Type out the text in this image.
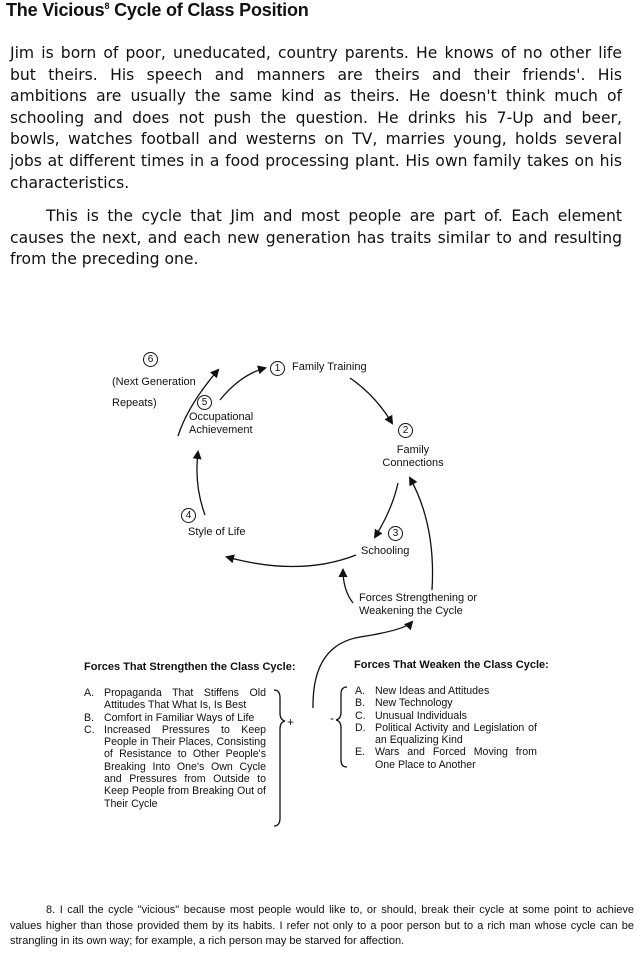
The Vicious$^8$ Cycle of Class Position

Jim is born of poor, uneducated, country parents. He knows of no other life but theirs. His speech and manners are theirs and their friends'. His ambitions are usually the same kind as theirs. He doesn't think much of schooling and does not push the question. He drinks his 7-Up and beer, bowls, watches football and westerns on TV, marries young, holds several jobs at different times in a food processing plant. His own family takes on his characteristics.

This is the cycle that Jim and most people are part of. Each element causes the next, and each new generation has traits similar to and resulting from the preceding one.

1	Family Training
2
Family
Connections
3
Schooling
4
Style of Life
5
Occupational
Achievement
6
(Next Generation
Repeats)
Forces Strengthening or
Weakening the Cycle
+	-
Forces That Strengthen the Class Cycle:
A. Propaganda That Stiffens Old Attitudes That What Is, Is Best
B. Comfort in Familiar Ways of Life
C. Increased Pressures to Keep People in Their Places, Consisting of Resistance to Other People's Breaking Into One's Own Cycle and Pressures from Outside to Keep People from Breaking Out of Their Cycle
Forces That Weaken the Class Cycle:
A. New Ideas and Attitudes
B. New Technology
C. Unusual Individuals
D. Political Activity and Legislation of an Equalizing Kind
E. Wars and Forced Moving from One Place to Another

8. I call the cycle "vicious" because most people would like to, or should, break their cycle at some point to achieve values higher than those provided them by its habits. I refer not only to a poor person but to a rich man whose cycle can be strangling in its own way; for example, a rich person may be starved for affection.
